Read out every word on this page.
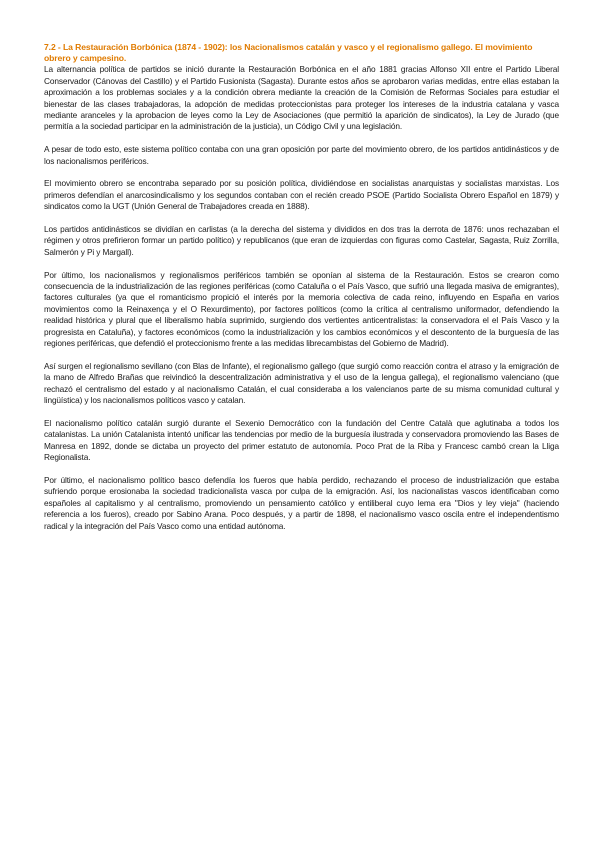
7.2 - La Restauración Borbónica (1874 - 1902): los Nacionalismos catalán y vasco y el regionalismo gallego. El movimiento obrero y campesino.

La alternancia política de partidos se inició durante la Restauración Borbónica en el año 1881 gracias Alfonso XII entre el Partido Liberal Conservador (Cánovas del Castillo) y el Partido Fusionista (Sagasta). Durante estos años se aprobaron varias medidas, entre ellas estaban la aproximación a los problemas sociales y a la condición obrera mediante la creación de la Comisión de Reformas Sociales para estudiar el bienestar de las clases trabajadoras, la adopción de medidas proteccionistas para proteger los intereses de la industria catalana y vasca mediante aranceles y la aprobacion de leyes como la Ley de Asociaciones (que permitió la aparición de sindicatos), la Ley de Jurado (que permitía a la sociedad participar en la administración de la justicia), un Código Civil y una legislación.

A pesar de todo esto, este sistema político contaba con una gran oposición por parte del movimiento obrero, de los partidos antidinásticos y de los nacionalismos periféricos.

El movimiento obrero se encontraba separado por su posición política, dividiéndose en socialistas anarquistas y socialistas marxistas. Los primeros defendían el anarcosindicalismo y los segundos contaban con el recién creado PSOE (Partido Socialista Obrero Español en 1879) y sindicatos como la UGT (Unión General de Trabajadores creada en 1888).

Los partidos antidinásticos se dividían en carlistas (a la derecha del sistema y divididos en dos tras la derrota de 1876: unos rechazaban el régimen y otros prefirieron formar un partido político) y republicanos (que eran de izquierdas con figuras como Castelar, Sagasta, Ruiz Zorrilla, Salmerón y Pi y Margall).

Por último, los nacionalismos y regionalismos periféricos también se oponían al sistema de la Restauración. Estos se crearon como consecuencia de la industrialización de las regiones periféricas (como Cataluña o el País Vasco, que sufrió una llegada masiva de emigrantes), factores culturales (ya que el romanticismo propició el interés por la memoria colectiva de cada reino, influyendo en España en varios movimientos como la Reinaxença y el O Rexurdimento), por factores políticos (como la crítica al centralismo uniformador, defendiendo la realidad histórica y plural que el liberalismo había suprimido, surgiendo dos vertientes anticentralistas: la conservadora el el País Vasco y la progresista en Cataluña), y factores económicos (como la industrialización y los cambios económicos y el descontento de la burguesía de las regiones periféricas, que defendió el proteccionismo frente a las medidas librecambistas del Gobierno de Madrid).

Así surgen el regionalismo sevillano (con Blas de Infante), el regionalismo gallego (que surgió como reacción contra el atraso y la emigración de la mano de Alfredo Brañas que reivindicó la descentralización administrativa y el uso de la lengua gallega), el regionalismo valenciano (que rechazó el centralismo del estado y al nacionalismo Catalán, el cual consideraba a los valencianos parte de su misma comunidad cultural y lingüística) y los nacionalismos políticos vasco y catalan.

El nacionalismo político catalán surgió durante el Sexenio Democrático con la fundación del Centre Català que aglutinaba a todos los catalanistas. La unión Catalanista intentó unificar las tendencias por medio de la burguesía ilustrada y conservadora promoviendo las Bases de Manresa en 1892, donde se dictaba un proyecto del primer estatuto de autonomía. Poco Prat de la Riba y Francesc cambó crean la Lliga Regionalista.

Por último, el nacionalismo político basco defendía los fueros que había perdido, rechazando el proceso de industrialización que estaba sufriendo porque erosionaba la sociedad tradicionalista vasca por culpa de la emigración. Así, los nacionalistas vascos identificaban como españoles al capitalismo y al centralismo, promoviendo un pensamiento católico y entiliberal cuyo lema era "Dios y ley vieja" (haciendo referencia a los fueros), creado por Sabino Arana. Poco después, y a partir de 1898, el nacionalismo vasco oscila entre el independentismo radical y la integración del País Vasco como una entidad autónoma.
